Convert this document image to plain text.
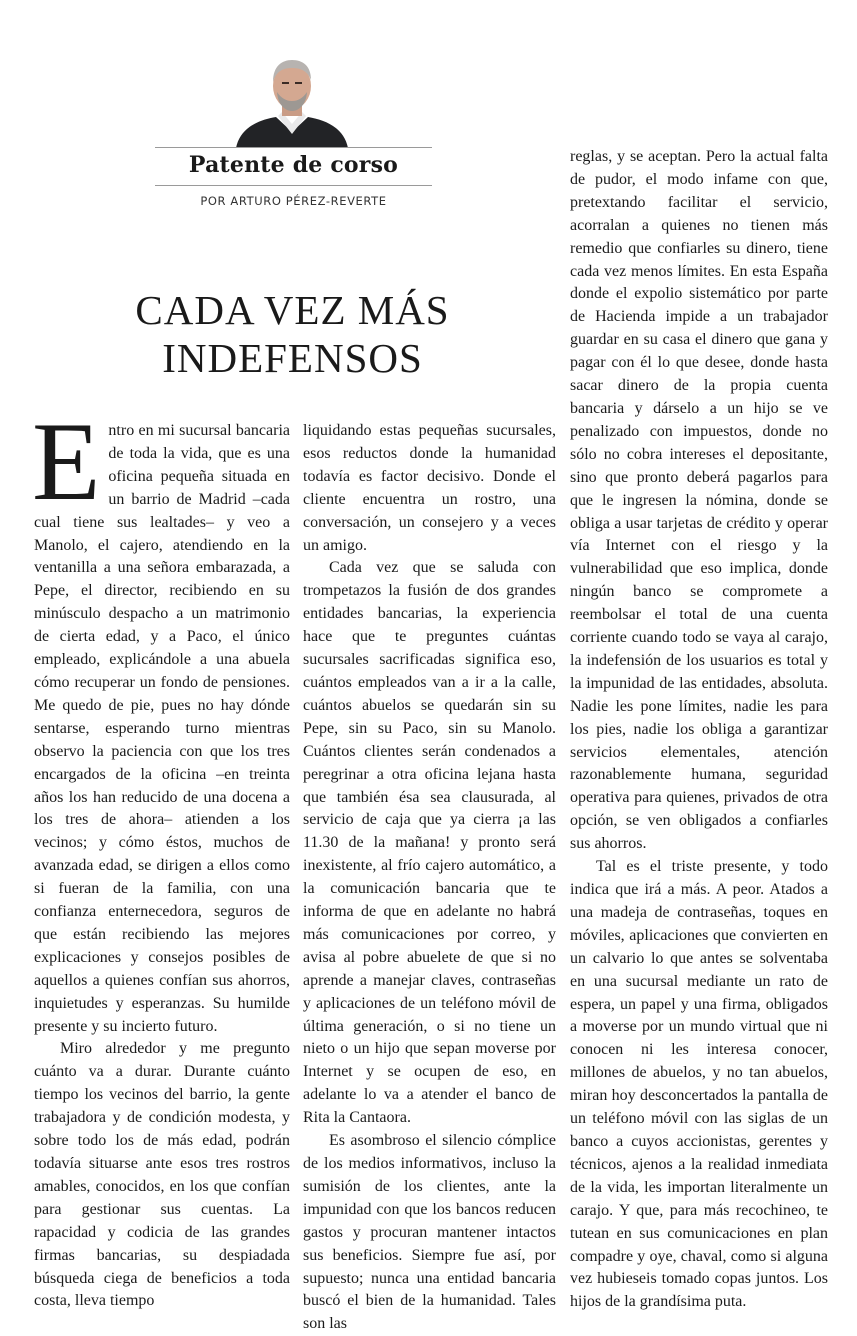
Patente de corso
POR ARTURO PÉREZ-REVERTE
CADA VEZ MÁS
INDEFENSOS

Entro en mi sucursal bancaria de toda la vida, que es una oficina pequeña situada en un barrio de Madrid –cada cual tiene sus lealtades– y veo a Manolo, el cajero, atendiendo en la ventanilla a una señora embarazada, a Pepe, el director, recibiendo en su minúsculo despacho a un matrimonio de cierta edad, y a Paco, el único empleado, explicándole a una abuela cómo recuperar un fondo de pensiones. Me quedo de pie, pues no hay dónde sentarse, esperando turno mientras observo la paciencia con que los tres encargados de la oficina –en treinta años los han reducido de una docena a los tres de ahora– atienden a los vecinos; y cómo éstos, muchos de avanzada edad, se dirigen a ellos como si fueran de la familia, con una confianza enternecedora, seguros de que están recibiendo las mejores explicaciones y consejos posibles de aquellos a quienes confían sus ahorros, inquietudes y esperanzas. Su humilde presente y su incierto futuro.

Miro alrededor y me pregunto cuánto va a durar. Durante cuánto tiempo los vecinos del barrio, la gente trabajadora y de condición modesta, y sobre todo los de más edad, podrán todavía situarse ante esos tres rostros amables, conocidos, en los que confían para gestionar sus cuentas. La rapacidad y codicia de las grandes firmas bancarias, su despiadada búsqueda ciega de beneficios a toda costa, lleva tiempo

liquidando estas pequeñas sucursales, esos reductos donde la humanidad todavía es factor decisivo. Donde el cliente encuentra un rostro, una conversación, un consejero y a veces un amigo.

Cada vez que se saluda con trompetazos la fusión de dos grandes entidades bancarias, la experiencia hace que te preguntes cuántas sucursales sacrificadas significa eso, cuántos empleados van a ir a la calle, cuántos abuelos se quedarán sin su Pepe, sin su Paco, sin su Manolo. Cuántos clientes serán condenados a peregrinar a otra oficina lejana hasta que también ésa sea clausurada, al servicio de caja que ya cierra ¡a las 11.30 de la mañana! y pronto será inexistente, al frío cajero automático, a la comunicación bancaria que te informa de que en adelante no habrá más comunicaciones por correo, y avisa al pobre abuelete de que si no aprende a manejar claves, contraseñas y aplicaciones de un teléfono móvil de última generación, o si no tiene un nieto o un hijo que sepan moverse por Internet y se ocupen de eso, en adelante lo va a atender el banco de Rita la Cantaora.

Es asombroso el silencio cómplice de los medios informativos, incluso la sumisión de los clientes, ante la impunidad con que los bancos reducen gastos y procuran mantener intactos sus beneficios. Siempre fue así, por supuesto; nunca una entidad bancaria buscó el bien de la humanidad. Tales son las

reglas, y se aceptan. Pero la actual falta de pudor, el modo infame con que, pretextando facilitar el servicio, acorralan a quienes no tienen más remedio que confiarles su dinero, tiene cada vez menos límites. En esta España donde el expolio sistemático por parte de Hacienda impide a un trabajador guardar en su casa el dinero que gana y pagar con él lo que desee, donde hasta sacar dinero de la propia cuenta bancaria y dárselo a un hijo se ve penalizado con impuestos, donde no sólo no cobra intereses el depositante, sino que pronto deberá pagarlos para que le ingresen la nómina, donde se obliga a usar tarjetas de crédito y operar vía Internet con el riesgo y la vulnerabilidad que eso implica, donde ningún banco se compromete a reembolsar el total de una cuenta corriente cuando todo se vaya al carajo, la indefensión de los usuarios es total y la impunidad de las entidades, absoluta. Nadie les pone límites, nadie les para los pies, nadie los obliga a garantizar servicios elementales, atención razonablemente humana, seguridad operativa para quienes, privados de otra opción, se ven obligados a confiarles sus ahorros.

Tal es el triste presente, y todo indica que irá a más. A peor. Atados a una madeja de contraseñas, toques en móviles, aplicaciones que convierten en un calvario lo que antes se solventaba en una sucursal mediante un rato de espera, un papel y una firma, obligados a moverse por un mundo virtual que ni conocen ni les interesa conocer, millones de abuelos, y no tan abuelos, miran hoy desconcertados la pantalla de un teléfono móvil con las siglas de un banco a cuyos accionistas, gerentes y técnicos, ajenos a la realidad inmediata de la vida, les importan literalmente un carajo. Y que, para más recochineo, te tutean en sus comunicaciones en plan compadre y oye, chaval, como si alguna vez hubieseis tomado copas juntos. Los hijos de la grandísima puta.
